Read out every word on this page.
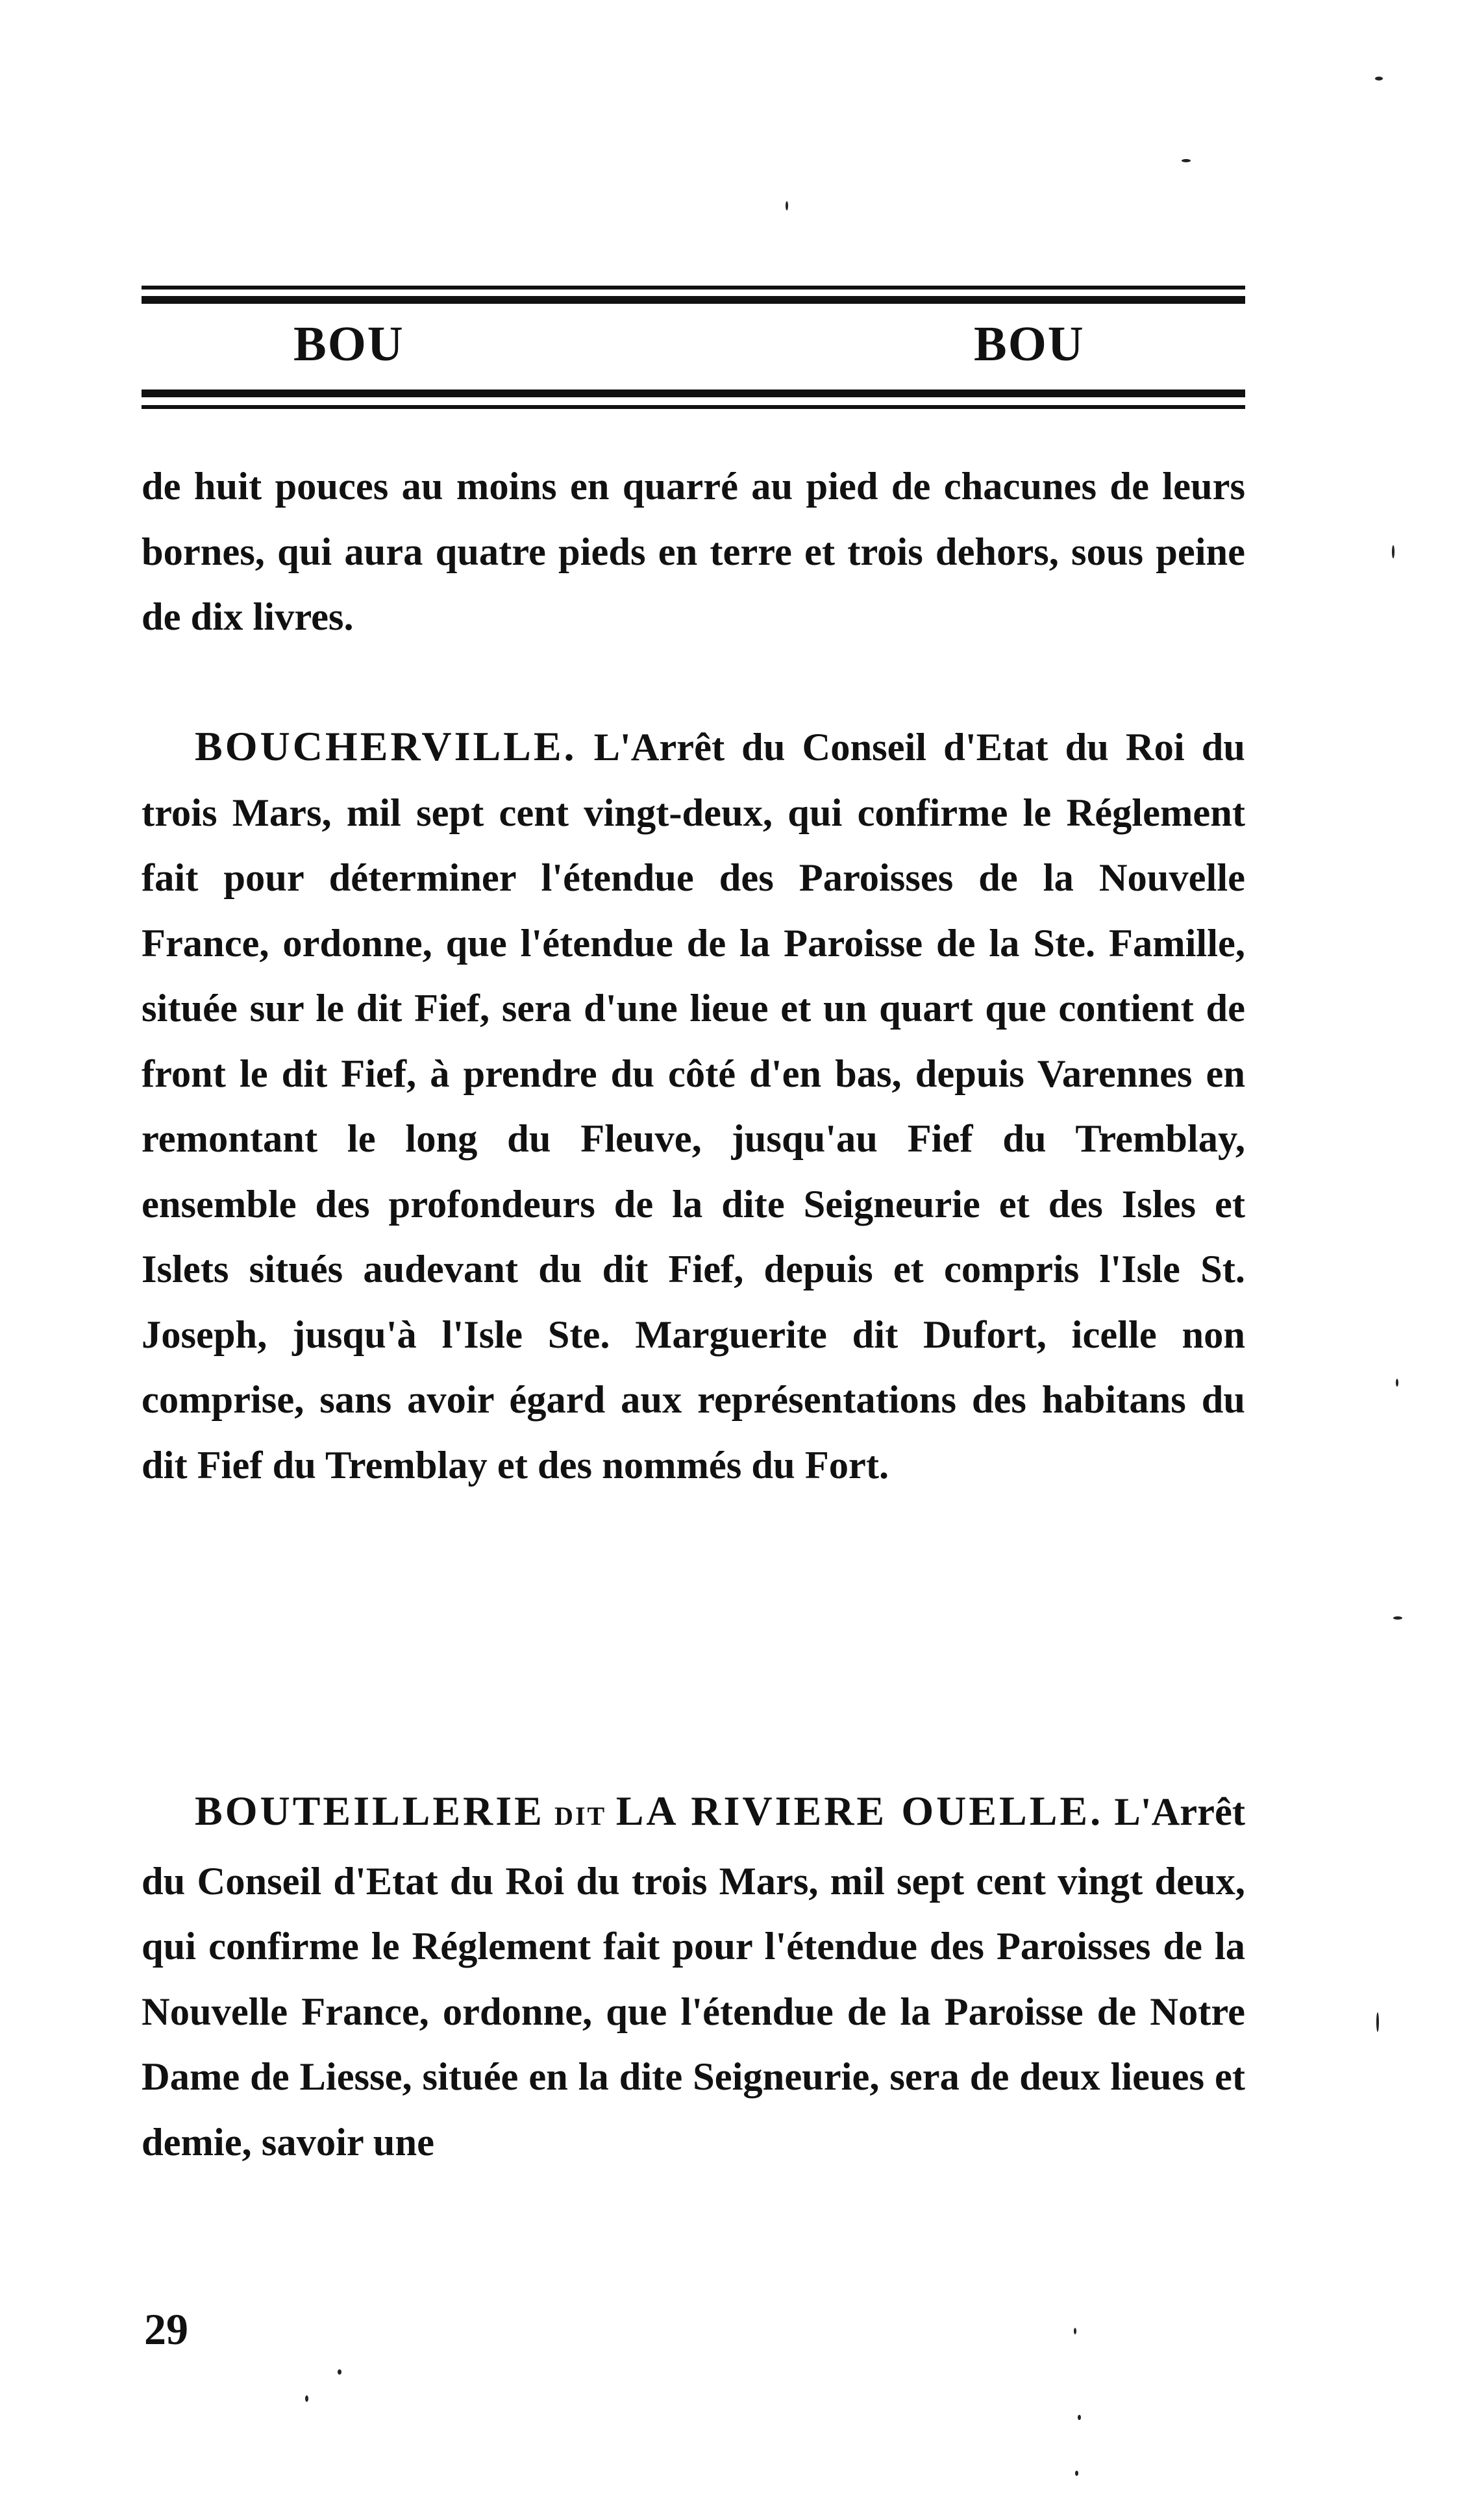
BOU	BOU

de huit pouces au moins en quarré au pied de chacunes de leurs bornes, qui aura quatre pieds en terre et trois dehors, sous peine de dix livres.

BOUCHERVILLE. L'Arrêt du Conseil d'Etat du Roi du trois Mars, mil sept cent vingt-deux, qui confirme le Réglement fait pour déterminer l'étendue des Paroisses de la Nouvelle France, ordonne, que l'étendue de la Paroisse de la Ste. Famille, située sur le dit Fief, sera d'une lieue et un quart que contient de front le dit Fief, à prendre du côté d'en bas, depuis Varennes en remontant le long du Fleuve, jusqu'au Fief du Tremblay, ensemble des profondeurs de la dite Seigneurie et des Isles et Islets situés audevant du dit Fief, depuis et compris l'Isle St. Joseph, jusqu'à l'Isle Ste. Marguerite dit Dufort, icelle non comprise, sans avoir égard aux représentations des habitans du dit Fief du Tremblay et des nommés du Fort.

BOUTEILLERIE DIT LA RIVIERE OUELLE. L'Arrêt du Conseil d'Etat du Roi du trois Mars, mil sept cent vingt deux, qui confirme le Réglement fait pour l'étendue des Paroisses de la Nouvelle France, ordonne, que l'étendue de la Paroisse de Notre Dame de Liesse, située en la dite Seigneurie, sera de deux lieues et demie, savoir une

29
